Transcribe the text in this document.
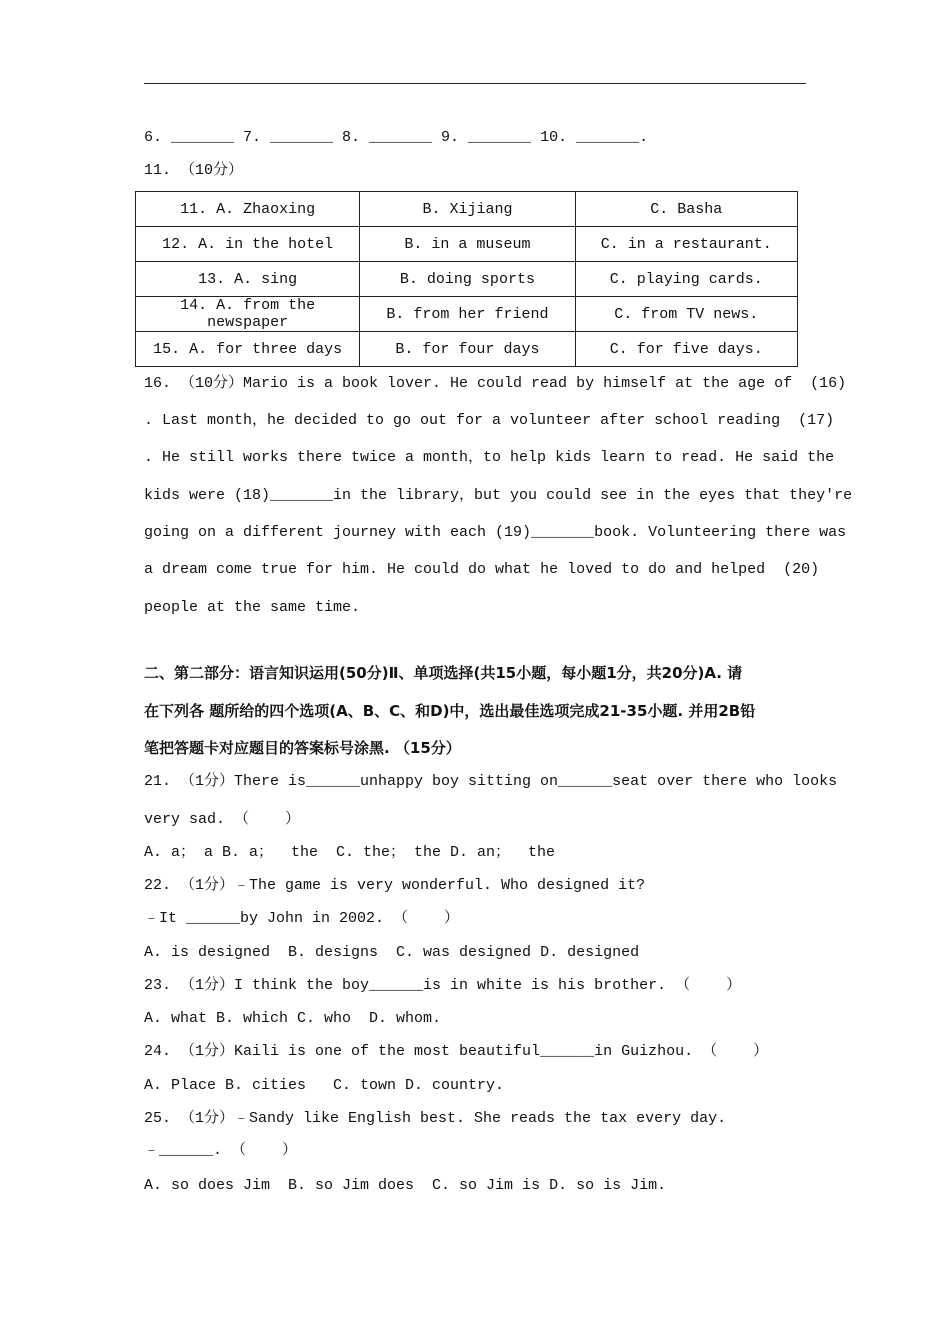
6. _______ 7. _______ 8. _______ 9. _______ 10. _______.
11. （10分）
11. A. Zhaoxing	B. Xijiang	C. Basha
12. A. in the hotel	B. in a museum	C. in a restaurant.
13. A. sing	B. doing sports	C. playing cards.
14. A. from the newspaper	B. from her friend	C. from TV news.
15. A. for three days	B. for four days	C. for five days.
16. （10分）Mario is a book lover. He could read by himself at the age of  (16)
. Last month，he decided to go out for a volunteer after school reading  (17)
. He still works there twice a month，to help kids learn to read. He said the
kids were (18)_______in the library，but you could see in the eyes that they're
going on a different journey with each (19)_______book. Volunteering there was
a dream come true for him. He could do what he loved to do and helped  (20)
people at the same time.
二、第二部分：语言知识运用(50分)Ⅱ、单项选择(共15小题，每小题1分，共20分)A. 请
在下列各 题所给的四个选项(A、B、C、和D)中，选出最佳选项完成21-35小题. 并用2B铅
笔把答题卡对应题目的答案标号涂黑. （15分）
21. （1分）There is______unhappy boy sitting on______seat over there who looks
very sad. （    ）
A. a； a B. a；  the  C. the； the D. an；  the
22. （1分）﹣The game is very wonderful. Who designed it?
﹣It ______by John in 2002. （    ）
A. is designed  B. designs  C. was designed D. designed
23. （1分）I think the boy______is in white is his brother. （    ）
A. what B. which C. who  D. whom.
24. （1分）Kaili is one of the most beautiful______in Guizhou. （    ）
A. Place B. cities   C. town D. country.
25. （1分）﹣Sandy like English best. She reads the tax every day.
﹣______. （    ）
A. so does Jim  B. so Jim does  C. so Jim is D. so is Jim.
